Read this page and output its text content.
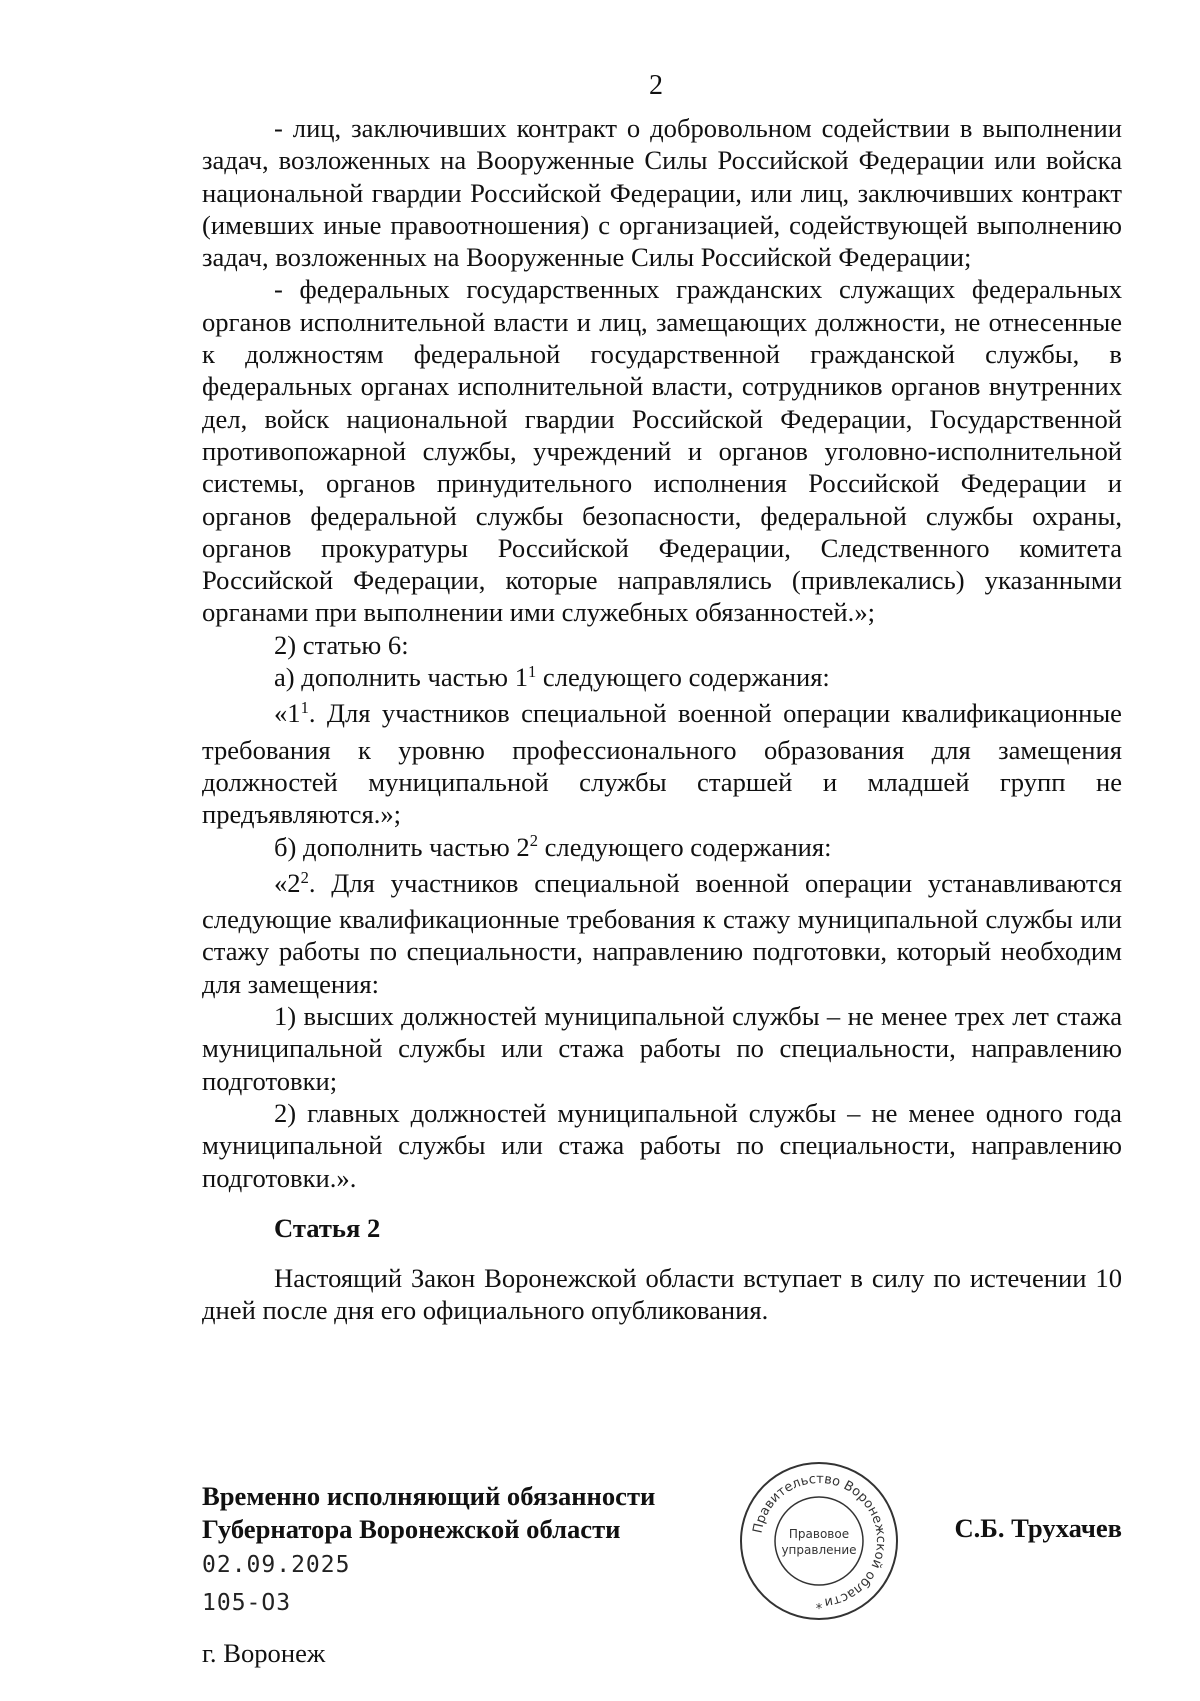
2

- лиц, заключивших контракт о добровольном содействии в выполнении задач, возложенных на Вооруженные Силы Российской Федерации или войска национальной гвардии Российской Федерации, или лиц, заключивших контракт (имевших иные правоотношения) с организацией, содействующей выполнению задач, возложенных на Вооруженные Силы Российской Федерации;

- федеральных государственных гражданских служащих федеральных органов исполнительной власти и лиц, замещающих должности, не отнесенные к должностям федеральной государственной гражданской службы, в федеральных органах исполнительной власти, сотрудников органов внутренних дел, войск национальной гвардии Российской Федерации, Государственной противопожарной службы, учреждений и органов уголовно-исполнительной системы, органов принудительного исполнения Российской Федерации и органов федеральной службы безопасности, федеральной службы охраны, органов прокуратуры Российской Федерации, Следственного комитета Российской Федерации, которые направлялись (привлекались) указанными органами при выполнении ими служебных обязанностей.»;

2) статью 6:

а) дополнить частью $1^1$ следующего содержания:

«$1^1$. Для участников специальной военной операции квалификационные требования к уровню профессионального образования для замещения должностей муниципальной службы старшей и младшей групп не предъявляются.»;

б) дополнить частью $2^2$ следующего содержания:

«$2^2$. Для участников специальной военной операции устанавливаются следующие квалификационные требования к стажу муниципальной службы или стажу работы по специальности, направлению подготовки, который необходим для замещения:

1) высших должностей муниципальной службы – не менее трех лет стажа муниципальной службы или стажа работы по специальности, направлению подготовки;

2) главных должностей муниципальной службы – не менее одного года муниципальной службы или стажа работы по специальности, направлению подготовки.».

Статья 2

Настоящий Закон Воронежской области вступает в силу по истечении 10 дней после дня его официального опубликования.

Временно исполняющий обязанности
Губернатора Воронежской области
02.09.2025
105-ОЗ
г. Воронеж
С.Б. Трухачев
Правительство Воронежской области
Правовое
управление
*
